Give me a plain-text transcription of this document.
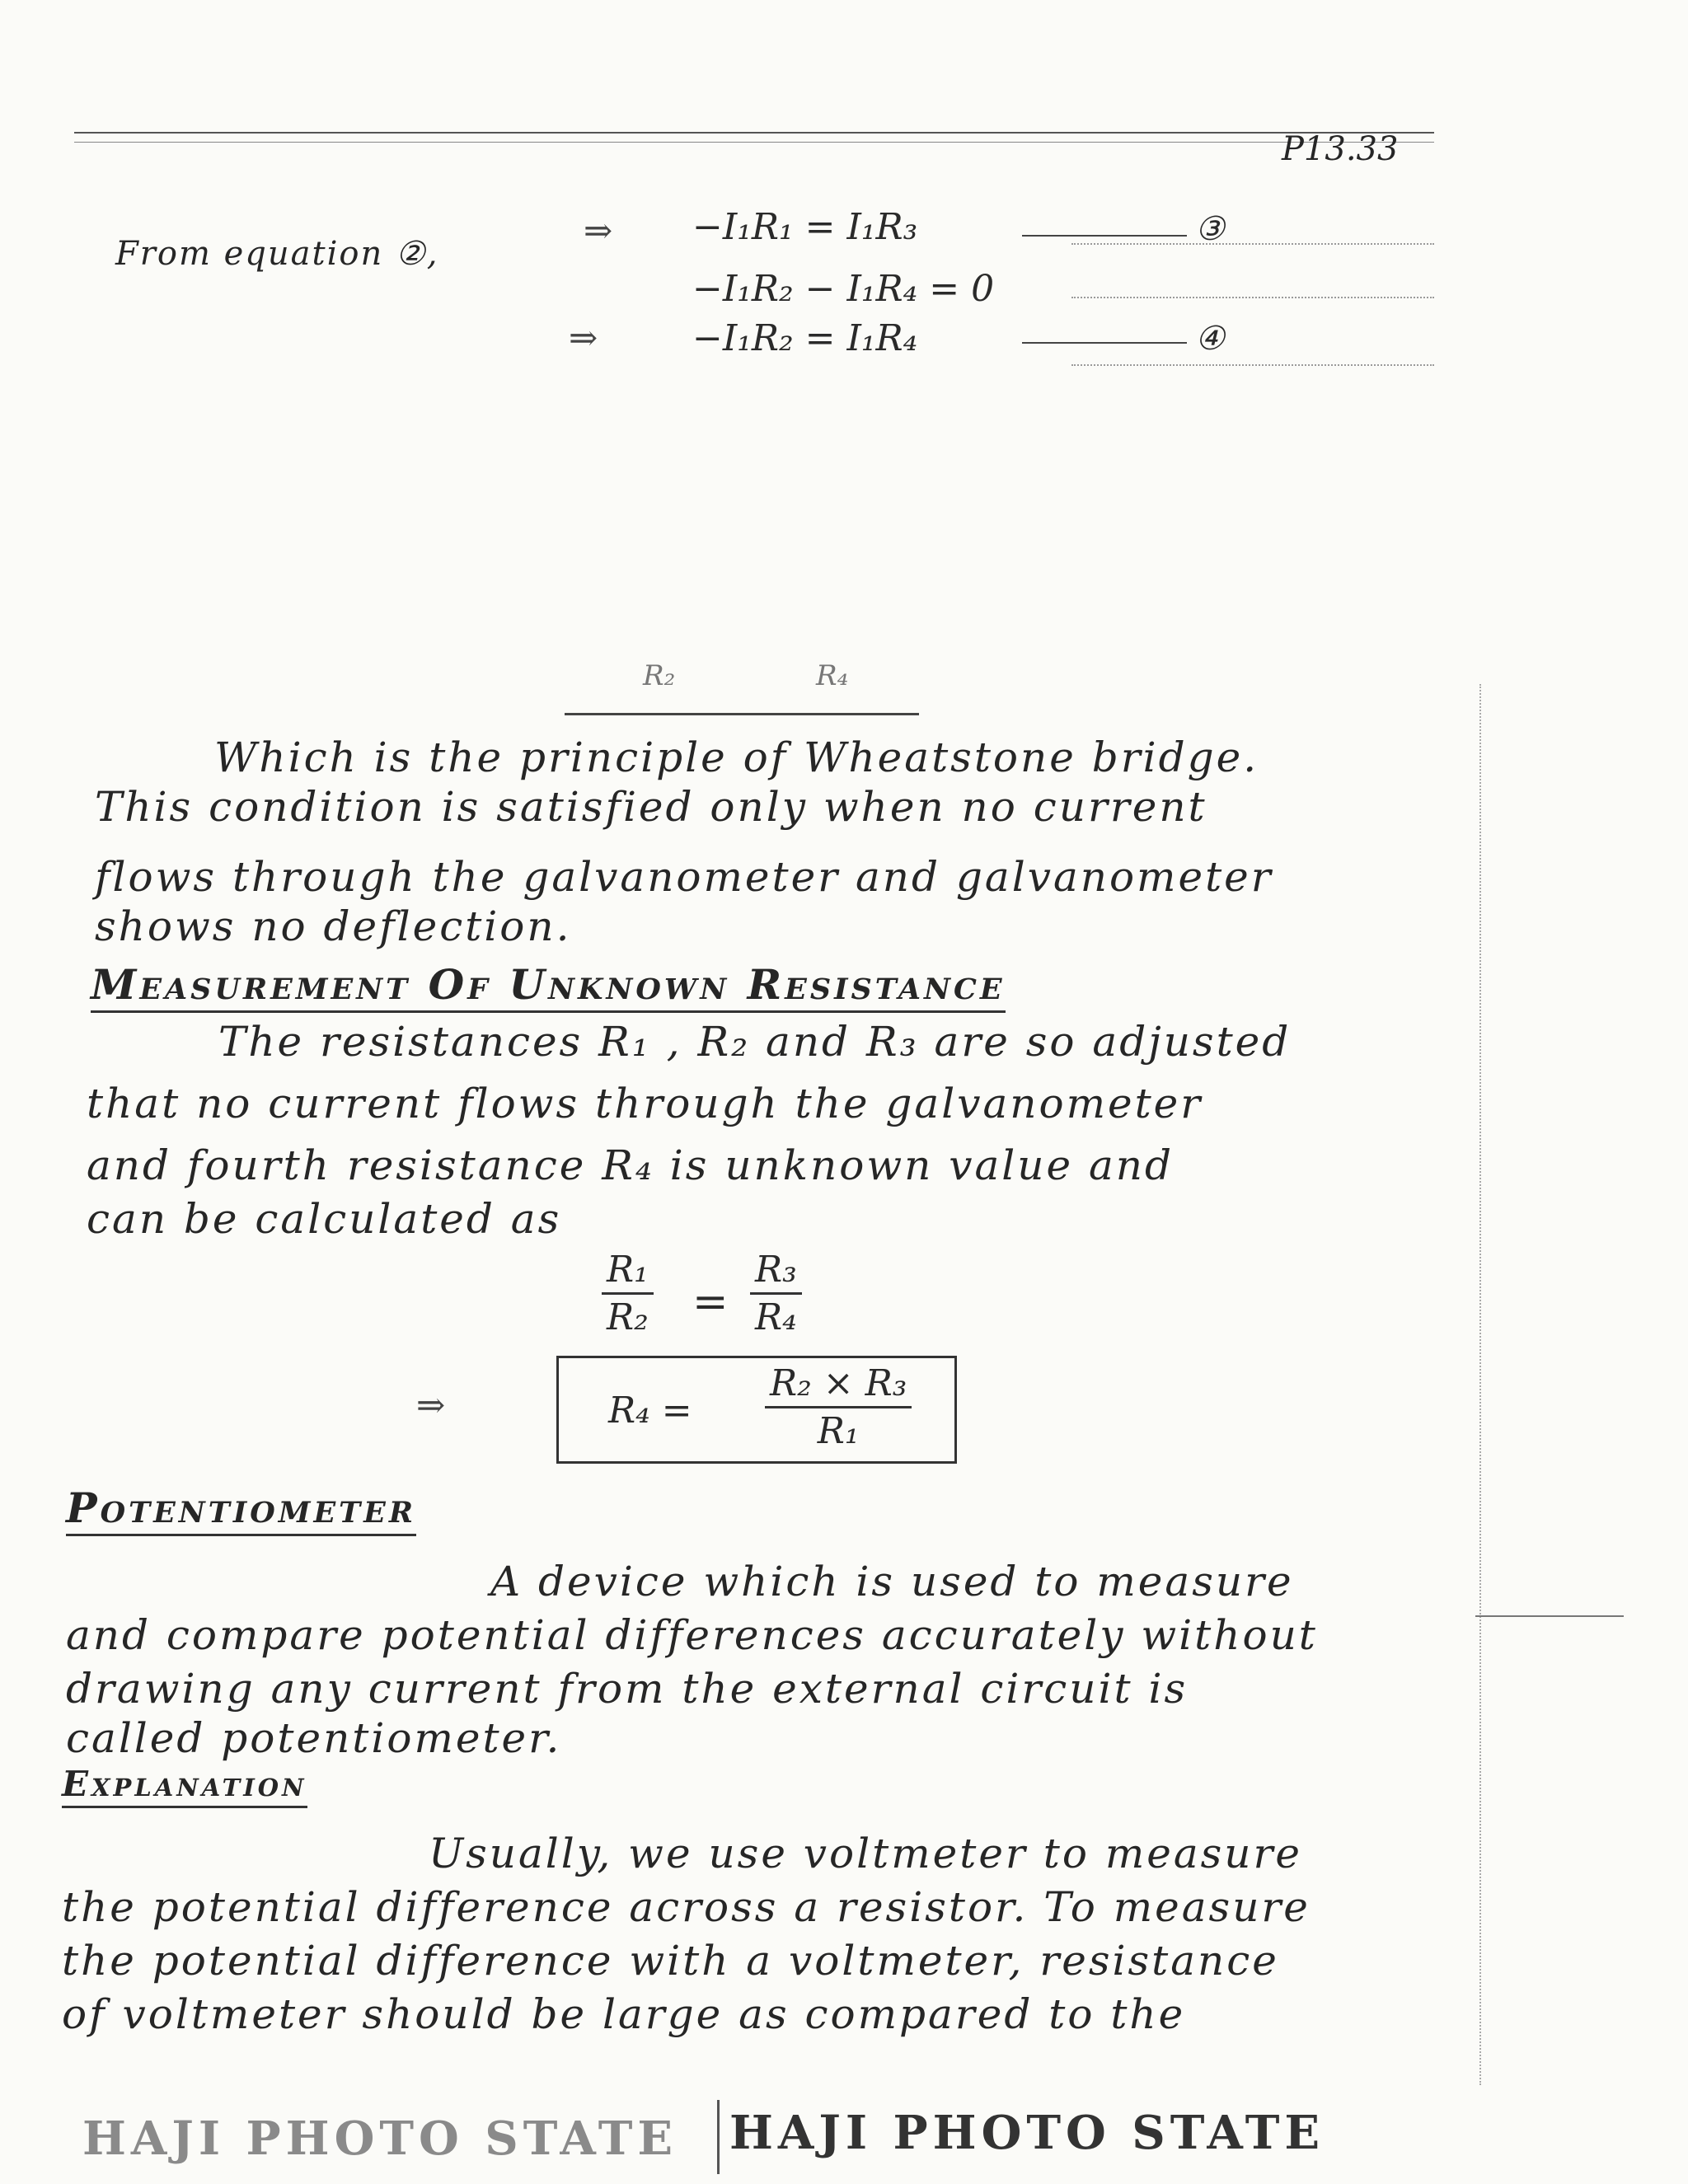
P13.33
From equation ②,
⇒ −I₁R₁ = I₁R₃	③
−I₁R₂ − I₁R₄ = 0
⇒	−I₁R₂ = I₁R₄	④
R₂	R₄
Which is the principle of Wheatstone bridge.
This condition is satisfied only when no current
flows through the galvanometer and galvanometer
shows no deflection.
Measurement Of Unknown Resistance
The resistances R₁ , R₂ and R₃ are so adjusted
that no current flows through the galvanometer
and fourth resistance R₄ is unknown value and
can be calculated as
$\frac{\text{R₁}}{\text{R₂}} = \frac{\text{R₃}}{\text{R₄}}$
⇒	$R_4 = \frac{\text{R₂ × R₃}}{\text{R₁}}$
Potentiometer
A device which is used to measure
and compare potential differences accurately without
drawing any current from the external circuit is
called potentiometer.
Explanation
Usually, we use voltmeter to measure
the potential difference across a resistor. To measure
the potential difference with a voltmeter, resistance
of voltmeter should be large as compared to the
HAJI PHOTO STATE HAJI PHOTO STATE
